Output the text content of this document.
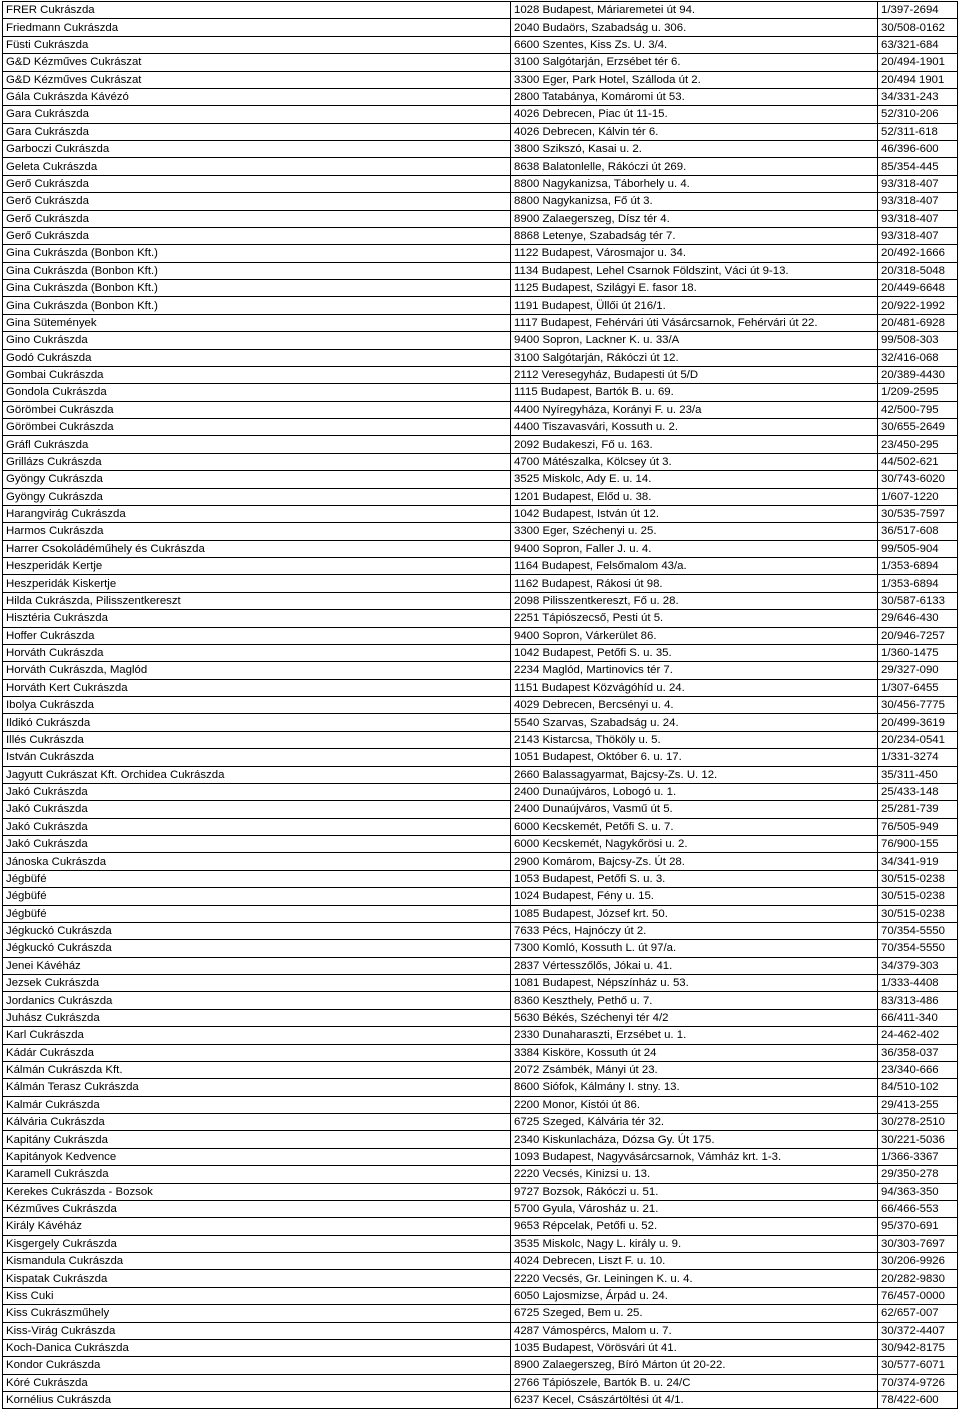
FRER Cukrászda	1028 Budapest, Máriaremetei út 94.	1/397-2694
Friedmann Cukrászda	2040 Budaörs, Szabadság u. 306.	30/508-0162
Füsti Cukrászda	6600 Szentes, Kiss Zs. U. 3/4.	63/321-684
G&D Kézműves Cukrászat	3100 Salgótarján, Erzsébet tér 6.	20/494-1901
G&D Kézműves Cukrászat	3300 Eger, Park Hotel, Szálloda út 2.	20/494 1901
Gála Cukrászda Kávézó	2800 Tatabánya, Komáromi út 53.	34/331-243
Gara Cukrászda	4026 Debrecen, Piac út 11-15.	52/310-206
Gara Cukrászda	4026 Debrecen, Kálvin tér 6.	52/311-618
Garboczi Cukrászda	3800 Szikszó, Kasai u. 2.	46/396-600
Geleta Cukrászda	8638 Balatonlelle, Rákóczi út 269.	85/354-445
Gerő Cukrászda	8800 Nagykanizsa, Táborhely u. 4.	93/318-407
Gerő Cukrászda	8800 Nagykanizsa, Fő út 3.	93/318-407
Gerő Cukrászda	8900 Zalaegerszeg, Dísz tér 4.	93/318-407
Gerő Cukrászda	8868 Letenye, Szabadság tér 7.	93/318-407
Gina Cukrászda (Bonbon Kft.)	1122 Budapest, Városmajor u. 34.	20/492-1666
Gina Cukrászda (Bonbon Kft.)	1134 Budapest, Lehel Csarnok Földszint, Váci út 9-13.	20/318-5048
Gina Cukrászda (Bonbon Kft.)	1125 Budapest, Szilágyi E. fasor 18.	20/449-6648
Gina Cukrászda (Bonbon Kft.)	1191 Budapest, Üllői út 216/1.	20/922-1992
Gina Sütemények	1117 Budapest, Fehérvári úti Vásárcsarnok, Fehérvári út 22.	20/481-6928
Gino Cukrászda	9400 Sopron, Lackner K. u. 33/A	99/508-303
Godó Cukrászda	3100 Salgótarján, Rákóczi út 12.	32/416-068
Gombai Cukrászda	2112 Veresegyház, Budapesti út 5/D	20/389-4430
Gondola Cukrászda	1115 Budapest, Bartók B. u. 69.	1/209-2595
Görömbei Cukrászda	4400 Nyíregyháza, Korányi F. u. 23/a	42/500-795
Görömbei Cukrászda	4400 Tiszavasvári, Kossuth u. 2.	30/655-2649
Gráfl Cukrászda	2092 Budakeszi, Fő u. 163.	23/450-295
Grillázs Cukrászda	4700 Mátészalka, Kölcsey út 3.	44/502-621
Gyöngy Cukrászda	3525 Miskolc, Ady E. u. 14.	30/743-6020
Gyöngy Cukrászda	1201 Budapest, Előd u. 38.	1/607-1220
Harangvirág Cukrászda	1042 Budapest, István út 12.	30/535-7597
Harmos Cukrászda	3300 Eger, Széchenyi u. 25.	36/517-608
Harrer Csokoládéműhely és Cukrászda	9400 Sopron, Faller J. u. 4.	99/505-904
Heszperidák Kertje	1164 Budapest, Felsőmalom 43/a.	1/353-6894
Heszperidák Kiskertje	1162 Budapest, Rákosi út 98.	1/353-6894
Hilda Cukrászda, Pilisszentkereszt	2098 Pilisszentkereszt, Fő u. 28.	30/587-6133
Hisztéria Cukrászda	2251 Tápiószecső, Pesti út 5.	29/646-430
Hoffer Cukrászda	9400 Sopron, Várkerület 86.	20/946-7257
Horváth Cukrászda	1042 Budapest, Petőfi S. u. 35.	1/360-1475
Horváth Cukrászda, Maglód	2234 Maglód, Martinovics tér 7.	29/327-090
Horváth Kert Cukrászda	1151 Budapest Közvágóhíd u. 24.	1/307-6455
Ibolya Cukrászda	4029 Debrecen, Bercsényi u. 4.	30/456-7775
Ildikó Cukrászda	5540 Szarvas, Szabadság u. 24.	20/499-3619
Illés Cukrászda	2143 Kistarcsa, Thököly u. 5.	20/234-0541
István Cukrászda	1051 Budapest, Október 6. u. 17.	1/331-3274
Jagyutt Cukrászat Kft. Orchidea Cukrászda	2660 Balassagyarmat, Bajcsy-Zs. U. 12.	35/311-450
Jakó Cukrászda	2400 Dunaújváros, Lobogó u. 1.	25/433-148
Jakó Cukrászda	2400 Dunaújváros, Vasmű út 5.	25/281-739
Jakó Cukrászda	6000 Kecskemét, Petőfi S. u. 7.	76/505-949
Jakó Cukrászda	6000 Kecskemét, Nagykőrösi u. 2.	76/900-155
Jánoska Cukrászda	2900 Komárom, Bajcsy-Zs. Út 28.	34/341-919
Jégbüfé	1053 Budapest, Petőfi S. u. 3.	30/515-0238
Jégbüfé	1024 Budapest, Fény u. 15.	30/515-0238
Jégbüfé	1085 Budapest, József krt. 50.	30/515-0238
Jégkuckó Cukrászda	7633 Pécs, Hajnóczy út 2.	70/354-5550
Jégkuckó Cukrászda	7300 Komló, Kossuth L. út 97/a.	70/354-5550
Jenei Kávéház	2837 Vértesszőlős, Jókai u. 41.	34/379-303
Jezsek Cukrászda	1081 Budapest, Népszínház u. 53.	1/333-4408
Jordanics Cukrászda	8360 Keszthely, Pethő u. 7.	83/313-486
Juhász Cukrászda	5630 Békés, Széchenyi tér 4/2	66/411-340
Karl Cukrászda	2330 Dunaharaszti, Erzsébet u. 1.	24-462-402
Kádár Cukrászda	3384 Kisköre, Kossuth út 24	36/358-037
Kálmán Cukrászda Kft.	2072 Zsámbék, Mányi út 23.	23/340-666
Kálmán Terasz Cukrászda	8600 Siófok, Kálmány I. stny. 13.	84/510-102
Kalmár Cukrászda	2200 Monor, Kistói út 86.	29/413-255
Kálvária Cukrászda	6725 Szeged, Kálvária tér 32.	30/278-2510
Kapitány Cukrászda	2340 Kiskunlacháza, Dózsa Gy. Út 175.	30/221-5036
Kapitányok Kedvence	1093 Budapest, Nagyvásárcsarnok, Vámház krt. 1-3.	1/366-3367
Karamell Cukrászda	2220 Vecsés, Kinizsi u. 13.	29/350-278
Kerekes Cukrászda - Bozsok	9727 Bozsok, Rákóczi u. 51.	94/363-350
Kézműves Cukrászda	5700 Gyula, Városház u. 21.	66/466-553
Király Kávéház	9653 Répcelak, Petőfi u. 52.	95/370-691
Kisgergely Cukrászda	3535 Miskolc, Nagy L. király u. 9.	30/303-7697
Kismandula Cukrászda	4024 Debrecen, Liszt F. u. 10.	30/206-9926
Kispatak Cukrászda	2220 Vecsés, Gr. Leiningen K. u. 4.	20/282-9830
Kiss Cuki	6050 Lajosmizse, Árpád u. 24.	76/457-0000
Kiss Cukrászműhely	6725 Szeged, Bem u. 25.	62/657-007
Kiss-Virág Cukrászda	4287 Vámospércs, Malom u. 7.	30/372-4407
Koch-Danica Cukrászda	1035 Budapest, Vörösvári út 41.	30/942-8175
Kondor Cukrászda	8900 Zalaegerszeg, Bíró Márton út 20-22.	30/577-6071
Kóré Cukrászda	2766 Tápiószele, Bartók B. u. 24/C	70/374-9726
Kornélius Cukrászda	6237 Kecel, Császártöltési út 4/1.	78/422-600
